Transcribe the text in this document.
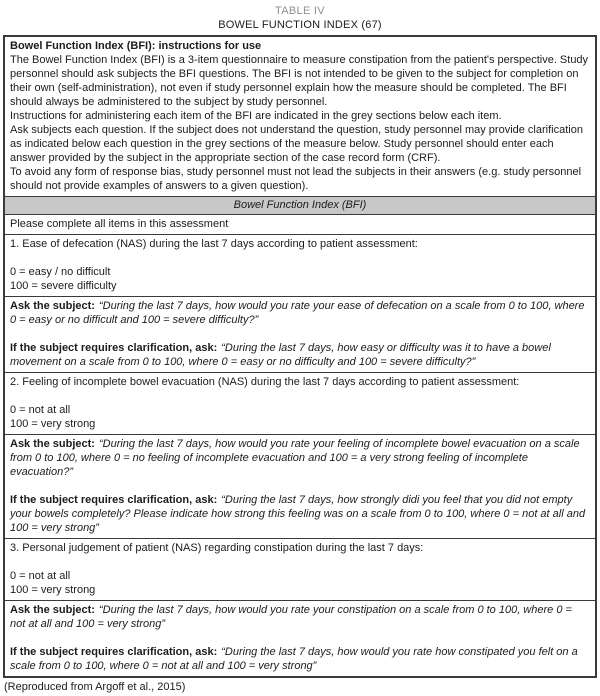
TABLE IV
BOWEL FUNCTION INDEX (67)

Bowel Function Index (BFI): instructions for use

The Bowel Function Index (BFI) is a 3-item questionnaire to measure constipation from the patient's perspective. Study personnel should ask subjects the BFI questions. The BFI is not intended to be given to the subject for completion on their own (self-administration), not even if study personnel explain how the measure should be completed. The BFI should always be administered to the subject by study personnel.

Instructions for administering each item of the BFI are indicated in the grey sections below each item.

Ask subjects each question. If the subject does not understand the question, study personnel may provide clarification as indicated below each question in the grey sections of the measure below. Study personnel should enter each answer provided by the subject in the appropriate section of the case record form (CRF).

To avoid any form of response bias, study personnel must not lead the subjects in their answers (e.g. study personnel should not provide examples of answers to a given question).

Bowel Function Index (BFI)
Please complete all items in this assessment

1. Ease of defecation (NAS) during the last 7 days according to patient assessment:

0 = easy / no difficult

100 = severe difficulty

Ask the subject: “During the last 7 days, how would you rate your ease of defecation on a scale from 0 to 100, where 0 = easy or no difficult and 100 = severe difficulty?”

If the subject requires clarification, ask: “During the last 7 days, how easy or difficulty was it to have a bowel movement on a scale from 0 to 100, where 0 = easy or no difficulty and 100 = severe difficulty?”

2. Feeling of incomplete bowel evacuation (NAS) during the last 7 days according to patient assessment:

0 = not at all

100 = very strong

Ask the subject: “During the last 7 days, how would you rate your feeling of incomplete bowel evacuation on a scale from 0 to 100, where 0 = no feeling of incomplete evacuation and 100 = a very strong feeling of incomplete evacuation?”

If the subject requires clarification, ask: “During the last 7 days, how strongly didi you feel that you did not empty your bowels completely? Please indicate how strong this feeling was on a scale from 0 to 100, where 0 = not at all and 100 = very strong”

3. Personal judgement of patient (NAS) regarding constipation during the last 7 days:

0 = not at all

100 = very strong

Ask the subject: “During the last 7 days, how would you rate your constipation on a scale from 0 to 100, where 0 = not at all and 100 = very strong”

If the subject requires clarification, ask: “During the last 7 days, how would you rate how constipated you felt on a scale from 0 to 100, where 0 = not at all and 100 = very strong”

(Reproduced from Argoff et al., 2015)
